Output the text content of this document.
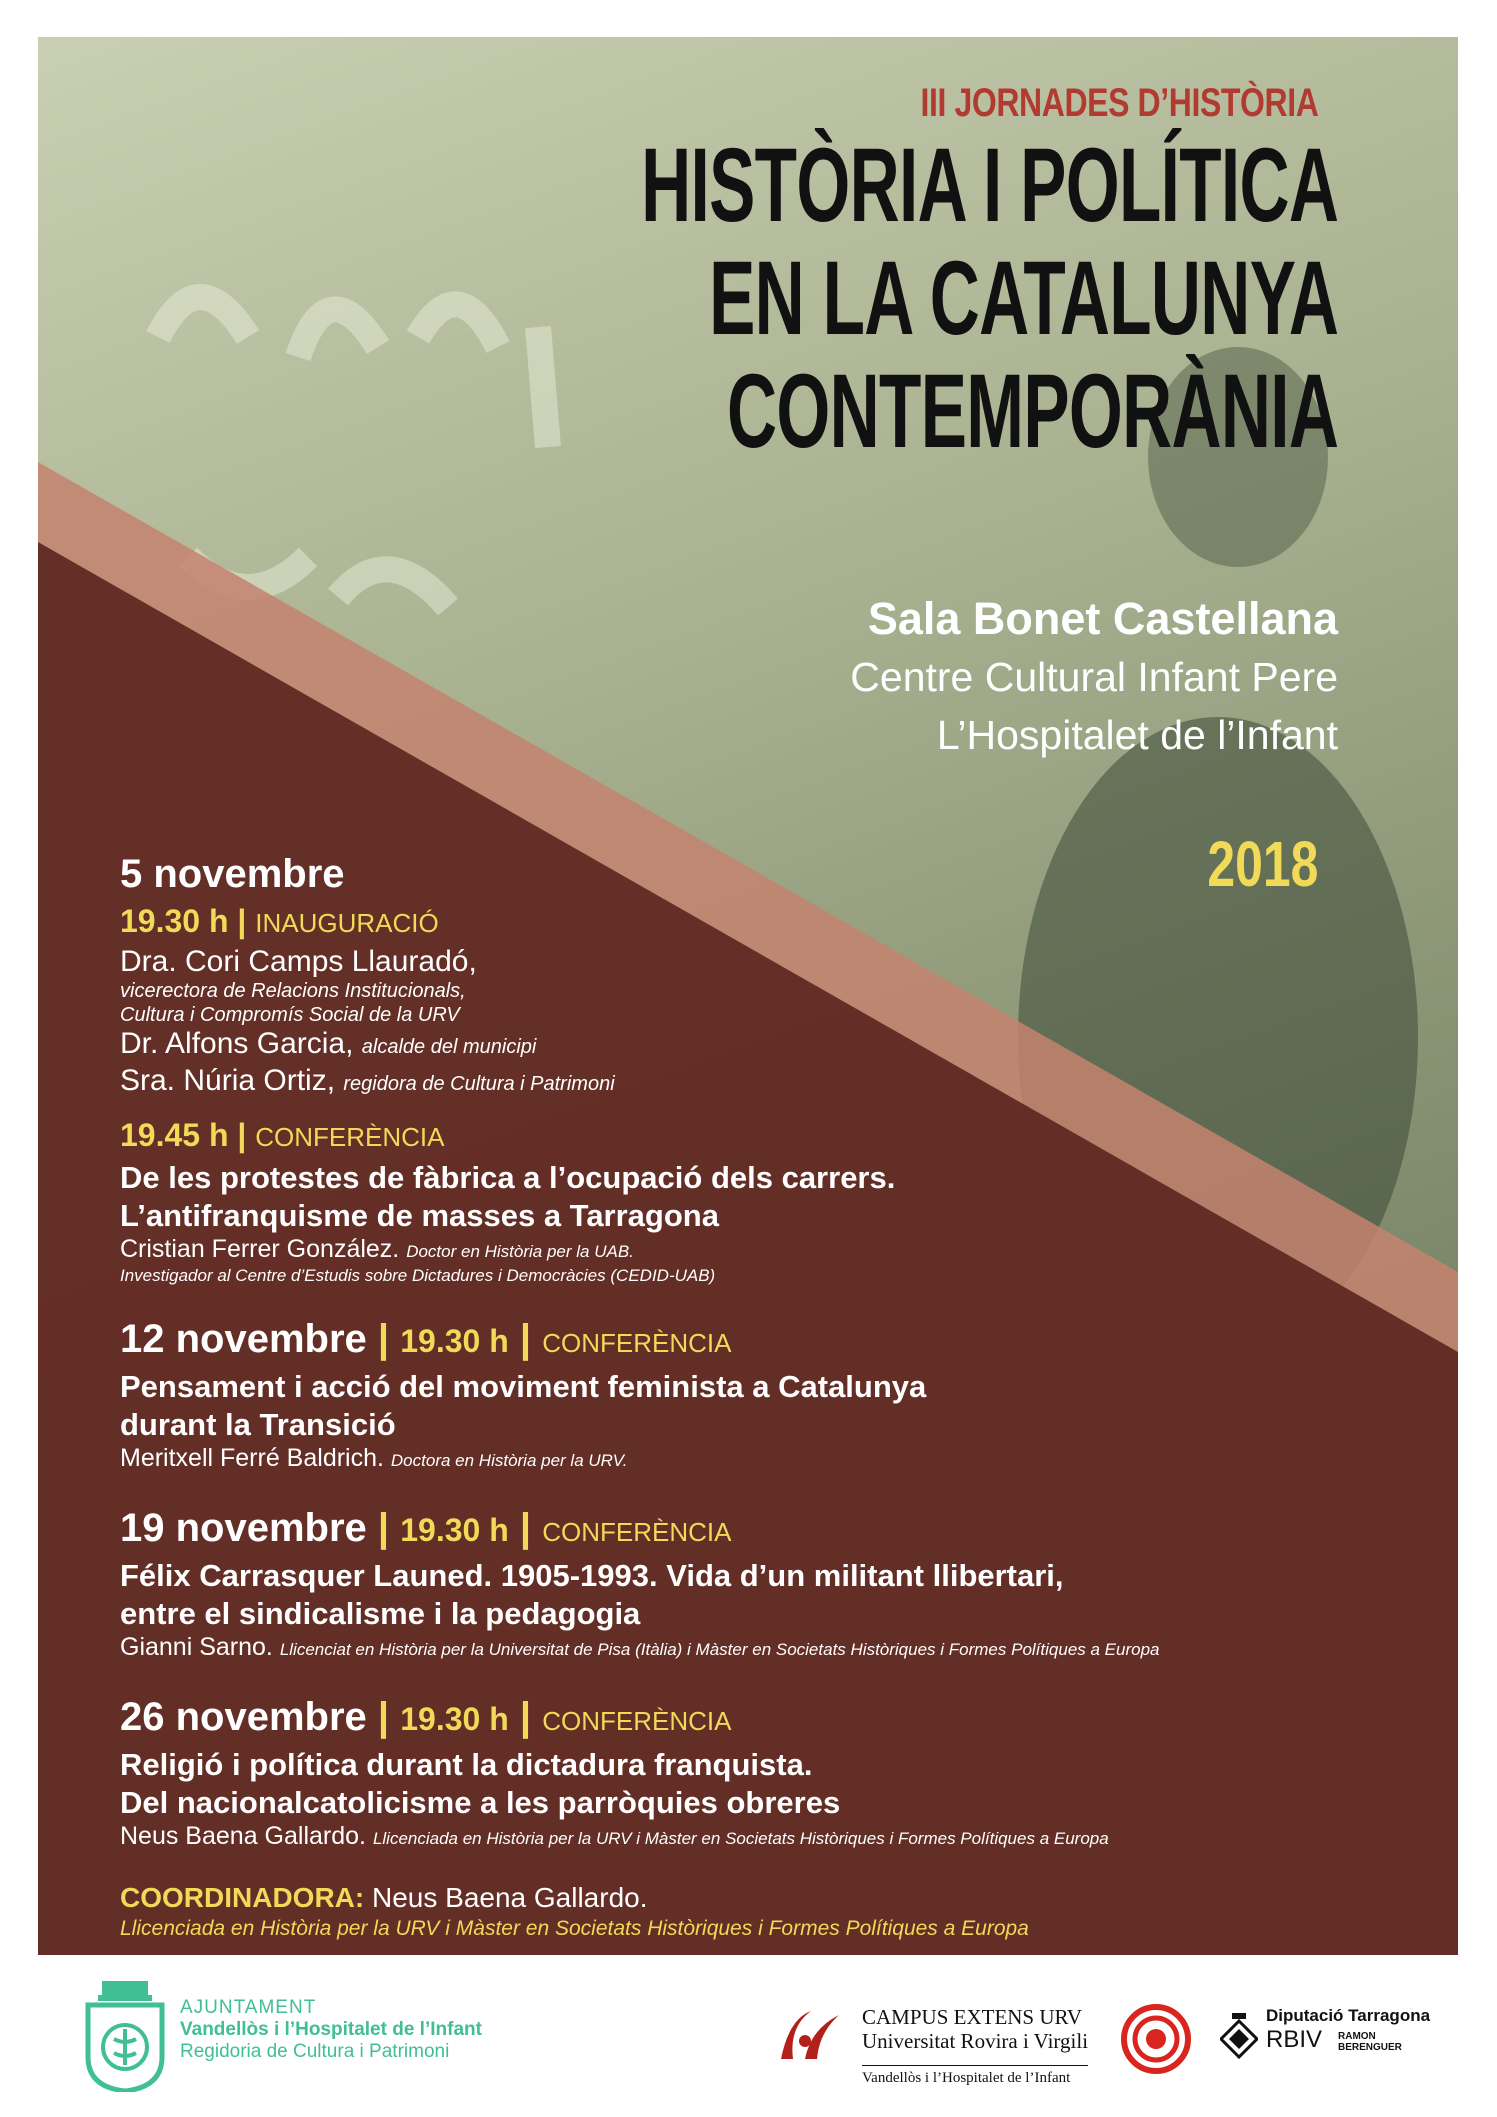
III JORNADES D’HISTÒRIA

HISTÒRIA I POLÍTICA
EN LA CATALUNYA
CONTEMPORÀNIA
Sala Bonet Castellana
Centre Cultural Infant Pere
L’Hospitalet de l’Infant

2018

5 novembre
19.30 h | INAUGURACIÓ
Dra. Cori Camps Llauradó,
vicerectora de Relacions Institucionals,
Cultura i Compromís Social de la URV
Dr. Alfons Garcia, alcalde del municipi
Sra. Núria Ortiz, regidora de Cultura i Patrimoni
19.45 h | CONFERÈNCIA
De les protestes de fàbrica a l’ocupació dels carrers.
L’antifranquisme de masses a Tarragona
Cristian Ferrer González. Doctor en Història per la UAB.
Investigador al Centre d’Estudis sobre Dictadures i Democràcies (CEDID-UAB)
12 novembre | 19.30 h | CONFERÈNCIA
Pensament i acció del moviment feminista a Catalunya
durant la Transició
Meritxell Ferré Baldrich. Doctora en Història per la URV.
19 novembre | 19.30 h | CONFERÈNCIA
Félix Carrasquer Launed. 1905-1993. Vida d’un militant llibertari,
entre el sindicalisme i la pedagogia
Gianni Sarno. Llicenciat en Història per la Universitat de Pisa (Itàlia) i Màster en Societats Històriques i Formes Polítiques a Europa
26 novembre | 19.30 h | CONFERÈNCIA
Religió i política durant la dictadura franquista.
Del nacionalcatolicisme a les parròquies obreres
Neus Baena Gallardo. Llicenciada en Història per la URV i Màster en Societats Històriques i Formes Polítiques a Europa
COORDINADORA: Neus Baena Gallardo.
Llicenciada en Història per la URV i Màster en Societats Històriques i Formes Polítiques a Europa
AJUNTAMENT
Vandellòs i l’Hospitalet de l’Infant
Regidoria de Cultura i Patrimoni
CAMPUS EXTENS URV
Universitat Rovira i Virgili
Vandellòs i l’Hospitalet de l’Infant
Diputació Tarragona
RBIV	RAMON BERENGUER
